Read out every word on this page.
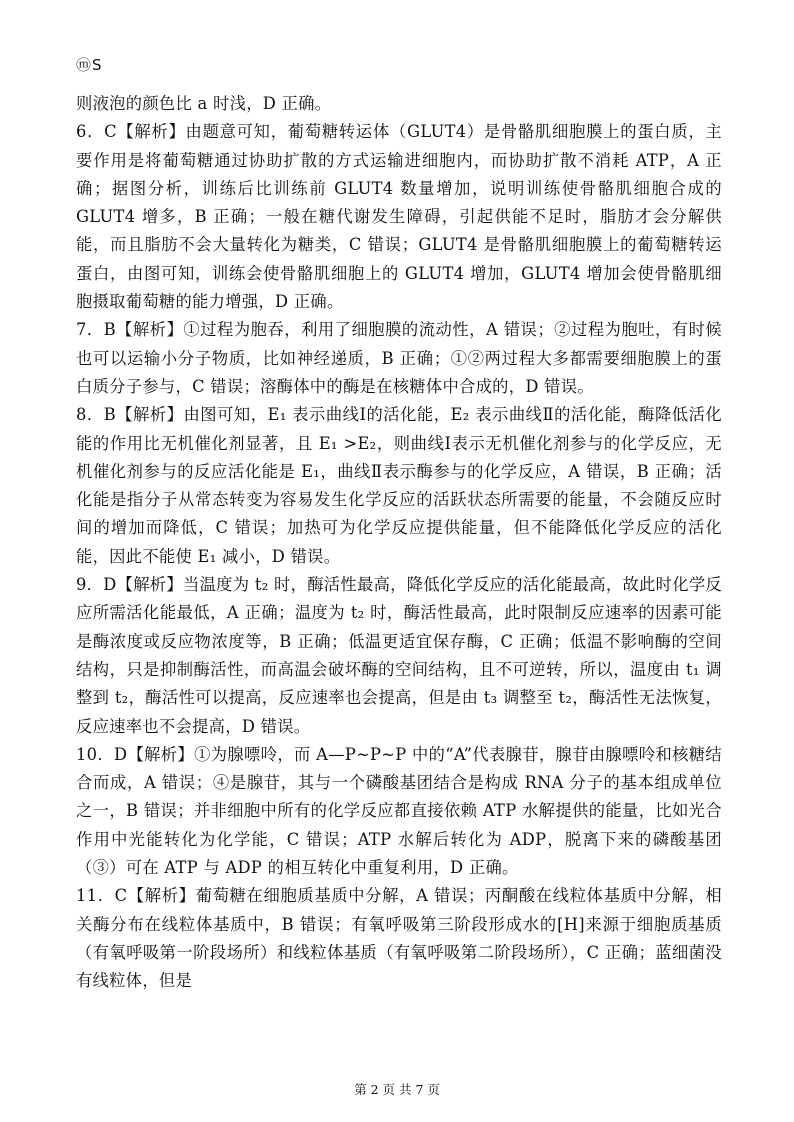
ⓜS

则液泡的颜色比 a 时浅，D 正确。

6．C【解析】由题意可知，葡萄糖转运体（GLUT4）是骨骼肌细胞膜上的蛋白质，主要作用是将葡萄糖通过协助扩散的方式运输进细胞内，而协助扩散不消耗 ATP，A 正确；据图分析，训练后比训练前 GLUT4 数量增加，说明训练使骨骼肌细胞合成的 GLUT4 增多，B 正确；一般在糖代谢发生障碍，引起供能不足时，脂肪才会分解供能，而且脂肪不会大量转化为糖类，C 错误；GLUT4 是骨骼肌细胞膜上的葡萄糖转运蛋白，由图可知，训练会使骨骼肌细胞上的 GLUT4 增加，GLUT4 增加会使骨骼肌细胞摄取葡萄糖的能力增强，D 正确。

7．B【解析】①过程为胞吞，利用了细胞膜的流动性，A 错误；②过程为胞吐，有时候也可以运输小分子物质，比如神经递质，B 正确；①②两过程大多都需要细胞膜上的蛋白质分子参与，C 错误；溶酶体中的酶是在核糖体中合成的，D 错误。

8．B【解析】由图可知，E₁ 表示曲线Ⅰ的活化能，E₂ 表示曲线Ⅱ的活化能，酶降低活化能的作用比无机催化剂显著，且 E₁ >E₂，则曲线Ⅰ表示无机催化剂参与的化学反应，无机催化剂参与的反应活化能是 E₁，曲线Ⅱ表示酶参与的化学反应，A 错误，B 正确；活化能是指分子从常态转变为容易发生化学反应的活跃状态所需要的能量，不会随反应时间的增加而降低，C 错误；加热可为化学反应提供能量，但不能降低化学反应的活化能，因此不能使 E₁ 减小，D 错误。

9．D【解析】当温度为 t₂ 时，酶活性最高，降低化学反应的活化能最高，故此时化学反应所需活化能最低，A 正确；温度为 t₂ 时，酶活性最高，此时限制反应速率的因素可能是酶浓度或反应物浓度等，B 正确；低温更适宜保存酶，C 正确；低温不影响酶的空间结构，只是抑制酶活性，而高温会破坏酶的空间结构，且不可逆转，所以，温度由 t₁ 调整到 t₂，酶活性可以提高，反应速率也会提高，但是由 t₃ 调整至 t₂，酶活性无法恢复，反应速率也不会提高，D 错误。

10．D【解析】①为腺嘌呤，而 A—P~P~P 中的“A”代表腺苷，腺苷由腺嘌呤和核糖结合而成，A 错误；④是腺苷，其与一个磷酸基团结合是构成 RNA 分子的基本组成单位之一，B 错误；并非细胞中所有的化学反应都直接依赖 ATP 水解提供的能量，比如光合作用中光能转化为化学能，C 错误；ATP 水解后转化为 ADP，脱离下来的磷酸基团（③）可在 ATP 与 ADP 的相互转化中重复利用，D 正确。

11．C【解析】葡萄糖在细胞质基质中分解，A 错误；丙酮酸在线粒体基质中分解，相关酶分布在线粒体基质中，B 错误；有氧呼吸第三阶段形成水的[H]来源于细胞质基质（有氧呼吸第一阶段场所）和线粒体基质（有氧呼吸第二阶段场所），C 正确；蓝细菌没有线粒体，但是

第 2 页 共 7 页
